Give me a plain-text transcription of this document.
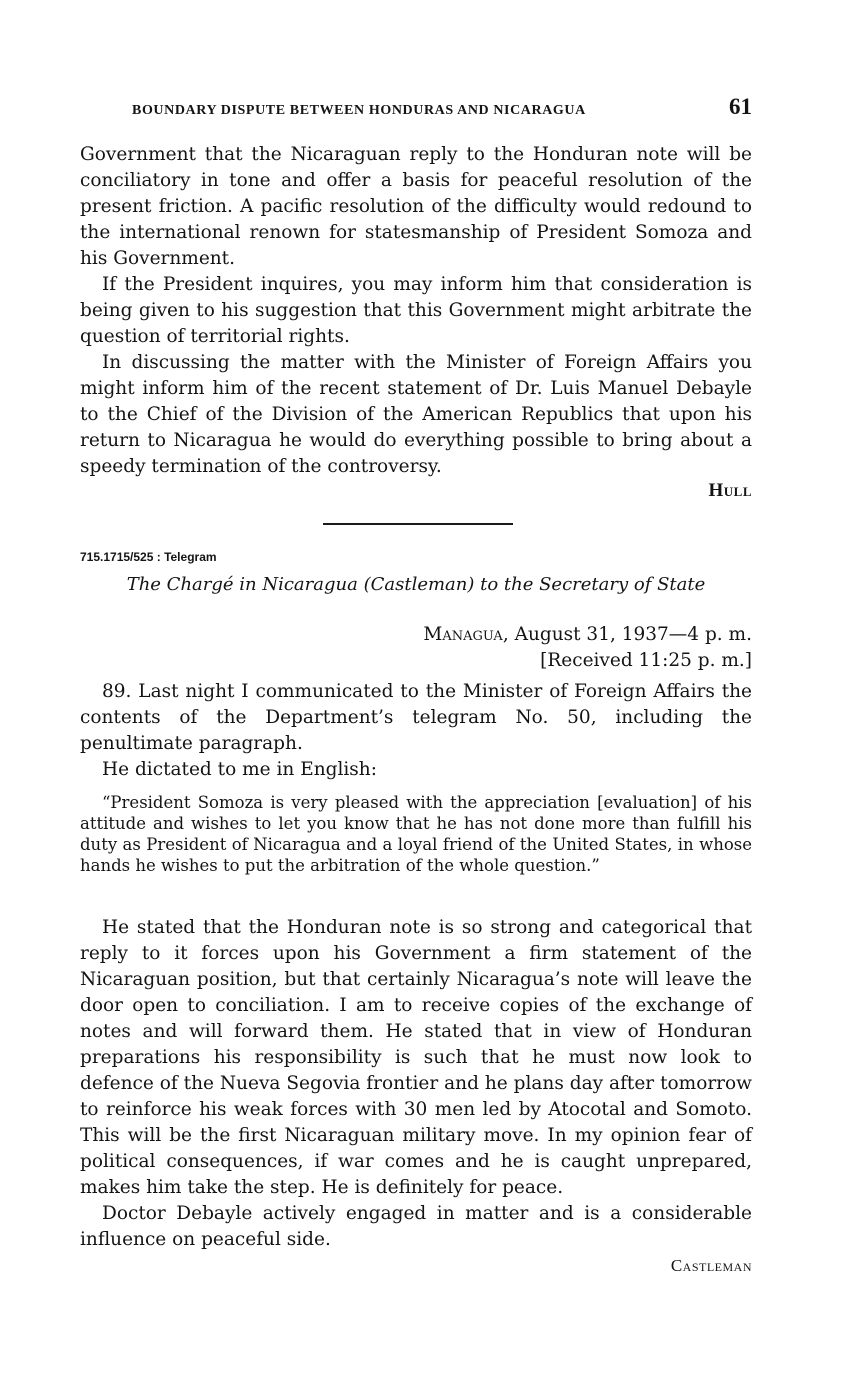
BOUNDARY DISPUTE BETWEEN HONDURAS AND NICARAGUA	61

Government that the Nicaraguan reply to the Honduran note will be conciliatory in tone and offer a basis for peaceful resolution of the present friction. A pacific resolution of the difficulty would redound to the international renown for statesmanship of President Somoza and his Government.

If the President inquires, you may inform him that consideration is being given to his suggestion that this Government might arbitrate the question of territorial rights.

In discussing the matter with the Minister of Foreign Affairs you might inform him of the recent statement of Dr. Luis Manuel Debayle to the Chief of the Division of the American Republics that upon his return to Nicaragua he would do everything possible to bring about a speedy termination of the controversy.

Hull
715.1715/525 : Telegram
The Chargé in Nicaragua (Castleman) to the Secretary of State
Managua, August 31, 1937—4 p. m.
[Received 11:25 p. m.]

89. Last night I communicated to the Minister of Foreign Affairs the contents of the Department’s telegram No. 50, including the penultimate paragraph.

He dictated to me in English:

“President Somoza is very pleased with the appreciation [evaluation] of his attitude and wishes to let you know that he has not done more than fulfill his duty as President of Nicaragua and a loyal friend of the United States, in whose hands he wishes to put the arbitration of the whole question.”

He stated that the Honduran note is so strong and categorical that reply to it forces upon his Government a firm statement of the Nicaraguan position, but that certainly Nicaragua’s note will leave the door open to conciliation. I am to receive copies of the exchange of notes and will forward them. He stated that in view of Honduran preparations his responsibility is such that he must now look to defence of the Nueva Segovia frontier and he plans day after tomorrow to reinforce his weak forces with 30 men led by Atocotal and Somoto. This will be the first Nicaraguan military move. In my opinion fear of political consequences, if war comes and he is caught unprepared, makes him take the step. He is definitely for peace.

Doctor Debayle actively engaged in matter and is a considerable influence on peaceful side.

Castleman
